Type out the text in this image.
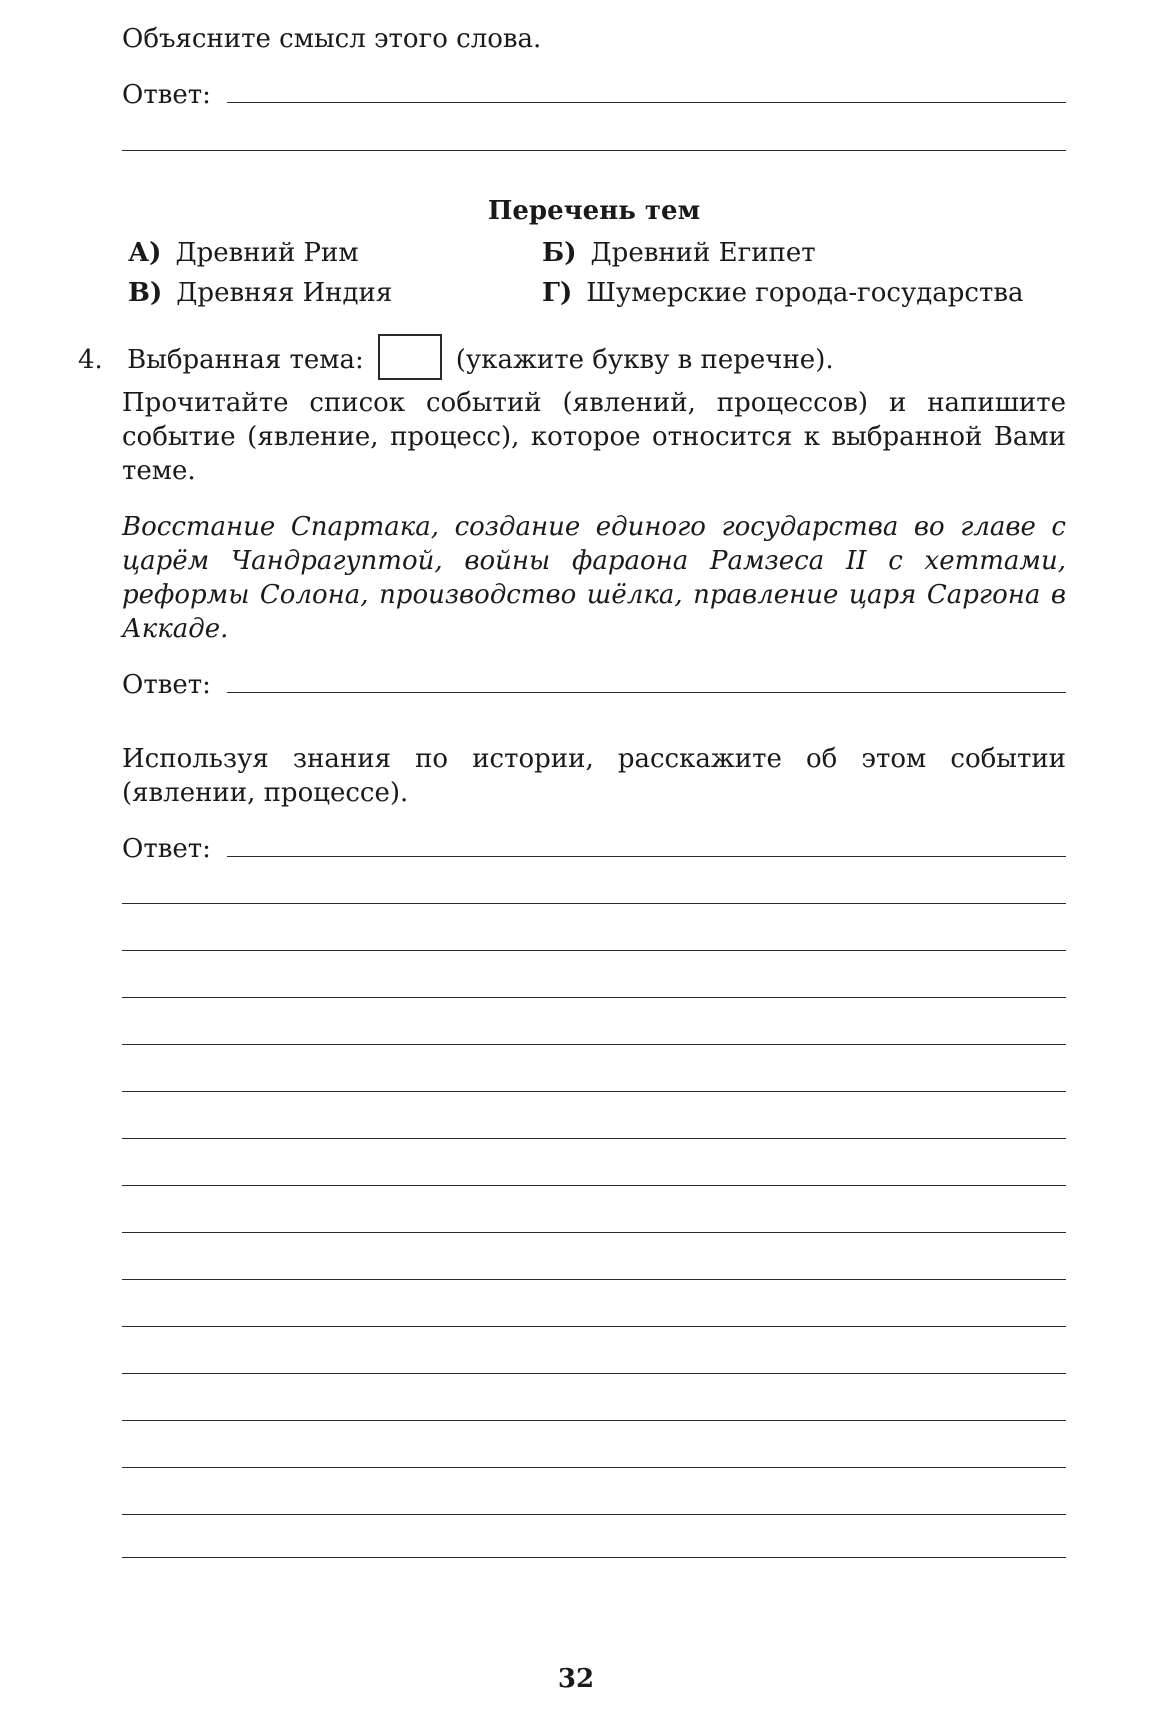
Объясните смысл этого слова.
Ответ:
Перечень тем
А) Древний Рим	Б) Древний Египет
В) Древняя Индия	Г) Шумерские города-государства
4. Выбранная тема:	(укажите букву в перечне).
Прочитайте список событий (явлений, процессов) и напишите событие (явление, процесс), которое относится к выбранной Вами теме.
Восстание Спартака, создание единого государства во главе с царём Чандрагуптой, войны фараона Рамзеса II с хеттами, реформы Солона, производство шёлка, правление царя Саргона в Аккаде.
Ответ:
Используя знания по истории, расскажите об этом событии (явлении, процессе).
Ответ:
32
